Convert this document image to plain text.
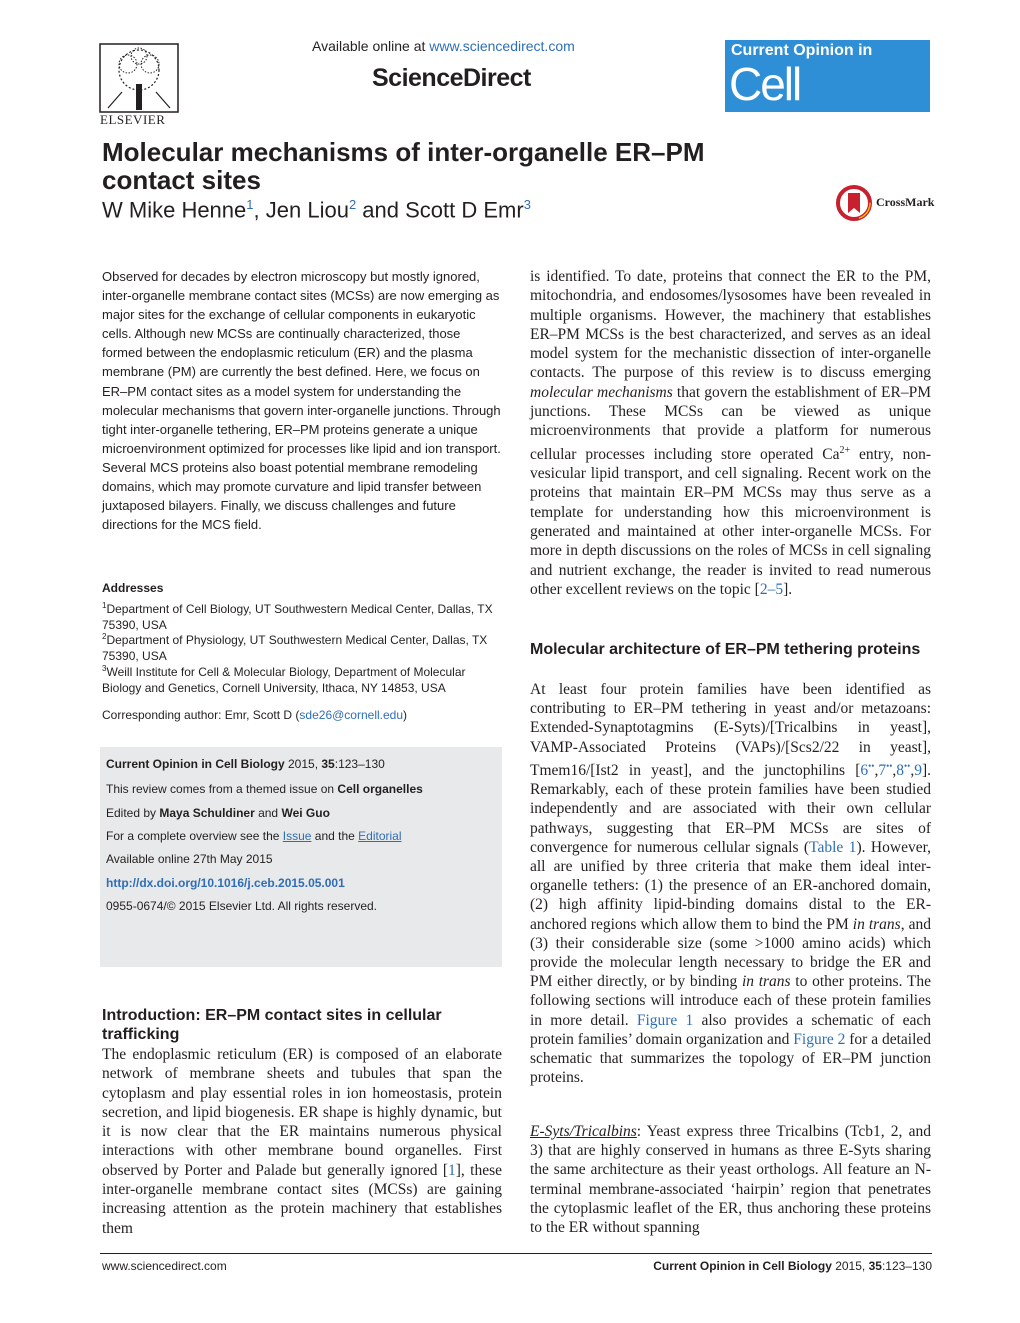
ELSEVIER
Available online at www.sciencedirect.com
ScienceDirect
Current Opinion in
Cell Biology
Molecular mechanisms of inter-organelle ER–PM contact sites
W Mike Henne$^1$, Jen Liou$^2$ and Scott D Emr$^3$	CrossMark

Observed for decades by electron microscopy but mostly ignored, inter-organelle membrane contact sites (MCSs) are now emerging as major sites for the exchange of cellular components in eukaryotic cells. Although new MCSs are continually characterized, those formed between the endoplasmic reticulum (ER) and the plasma membrane (PM) are currently the best defined. Here, we focus on ER–PM contact sites as a model system for understanding the molecular mechanisms that govern inter-organelle junctions. Through tight inter-organelle tethering, ER–PM proteins generate a unique microenvironment optimized for processes like lipid and ion transport. Several MCS proteins also boast potential membrane remodeling domains, which may promote curvature and lipid transfer between juxtaposed bilayers. Finally, we discuss challenges and future directions for the MCS field.

Addresses

$^1$Department of Cell Biology, UT Southwestern Medical Center, Dallas, TX 75390, USA

$^2$Department of Physiology, UT Southwestern Medical Center, Dallas, TX 75390, USA

$^3$Weill Institute for Cell & Molecular Biology, Department of Molecular Biology and Genetics, Cornell University, Ithaca, NY 14853, USA

Corresponding author: Emr, Scott D (sde26@cornell.edu)
Current Opinion in Cell Biology 2015, 35:123–130
This review comes from a themed issue on Cell organelles
Edited by Maya Schuldiner and Wei Guo
For a complete overview see the Issue and the Editorial
Available online 27th May 2015
http://dx.doi.org/10.1016/j.ceb.2015.05.001
0955-0674/© 2015 Elsevier Ltd. All rights reserved.
Introduction: ER–PM contact sites in cellular trafficking

The endoplasmic reticulum (ER) is composed of an elaborate network of membrane sheets and tubules that span the cytoplasm and play essential roles in ion homeostasis, protein secretion, and lipid biogenesis. ER shape is highly dynamic, but it is now clear that the ER maintains numerous physical interactions with other membrane bound organelles. First observed by Porter and Palade but generally ignored [1], these inter-organelle membrane contact sites (MCSs) are gaining increasing attention as the protein machinery that establishes them

is identified. To date, proteins that connect the ER to the PM, mitochondria, and endosomes/lysosomes have been revealed in multiple organisms. However, the machinery that establishes ER–PM MCSs is the best characterized, and serves as an ideal model system for the mechanistic dissection of inter-organelle contacts. The purpose of this review is to discuss emerging molecular mechanisms that govern the establishment of ER–PM junctions. These MCSs can be viewed as unique microenvironments that provide a platform for numerous cellular processes including store operated $Ca^{2+}$ entry, non-vesicular lipid transport, and cell signaling. Recent work on the proteins that maintain ER–PM MCSs may thus serve as a template for understanding how this microenvironment is generated and maintained at other inter-organelle MCSs. For more in depth discussions on the roles of MCSs in cell signaling and nutrient exchange, the reader is invited to read numerous other excellent reviews on the topic [2–5].

Molecular architecture of ER–PM tethering proteins

At least four protein families have been identified as contributing to ER–PM tethering in yeast and/or metazoans: Extended-Synaptotagmins (E-Syts)/[Tricalbins in yeast], VAMP-Associated Proteins (VAPs)/[Scs2/22 in yeast], Tmem16/[Ist2 in yeast], and the junctophilins [6••,7••,8••,9]. Remarkably, each of these protein families have been studied independently and are associated with their own cellular pathways, suggesting that ER–PM MCSs are sites of convergence for numerous cellular signals (Table 1). However, all are unified by three criteria that make them ideal inter-organelle tethers: (1) the presence of an ER-anchored domain, (2) high affinity lipid-binding domains distal to the ER-anchored regions which allow them to bind the PM in trans, and (3) their considerable size (some >1000 amino acids) which provide the molecular length necessary to bridge the ER and PM either directly, or by binding in trans to other proteins. The following sections will introduce each of these protein families in more detail. Figure 1 also provides a schematic of each protein families’ domain organization and Figure 2 for a detailed schematic that summarizes the topology of ER–PM junction proteins.

E-Syts/Tricalbins: Yeast express three Tricalbins (Tcb1, 2, and 3) that are highly conserved in humans as three E-Syts sharing the same architecture as their yeast orthologs. All feature an N-terminal membrane-associated ‘hairpin’ region that penetrates the cytoplasmic leaflet of the ER, thus anchoring these proteins to the ER without spanning

www.sciencedirect.com	Current Opinion in Cell Biology 2015, 35:123–130
